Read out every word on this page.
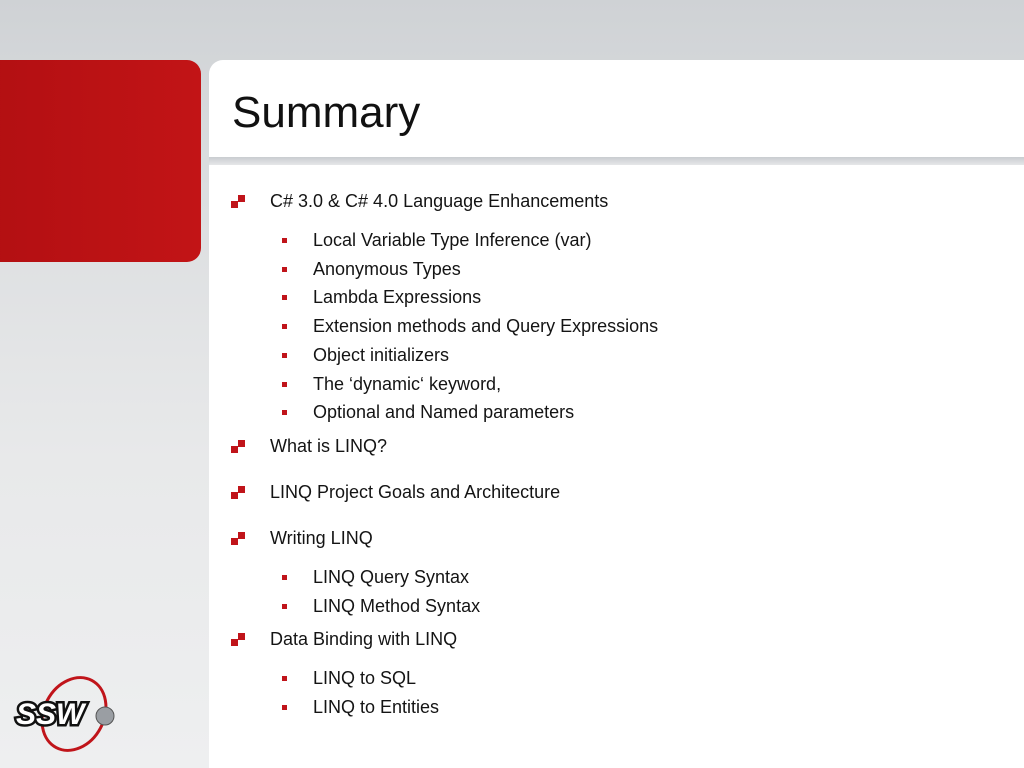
Summary
C# 3.0 & C# 4.0 Language Enhancements
Local Variable Type Inference (var)
Anonymous Types
Lambda Expressions
Extension methods and Query Expressions
Object initializers
The ‘dynamic‘ keyword,
Optional and Named parameters
What is LINQ?
LINQ Project Goals and Architecture
Writing LINQ
LINQ Query Syntax
LINQ Method Syntax
Data Binding with LINQ
LINQ to SQL
LINQ to Entities
SSW
